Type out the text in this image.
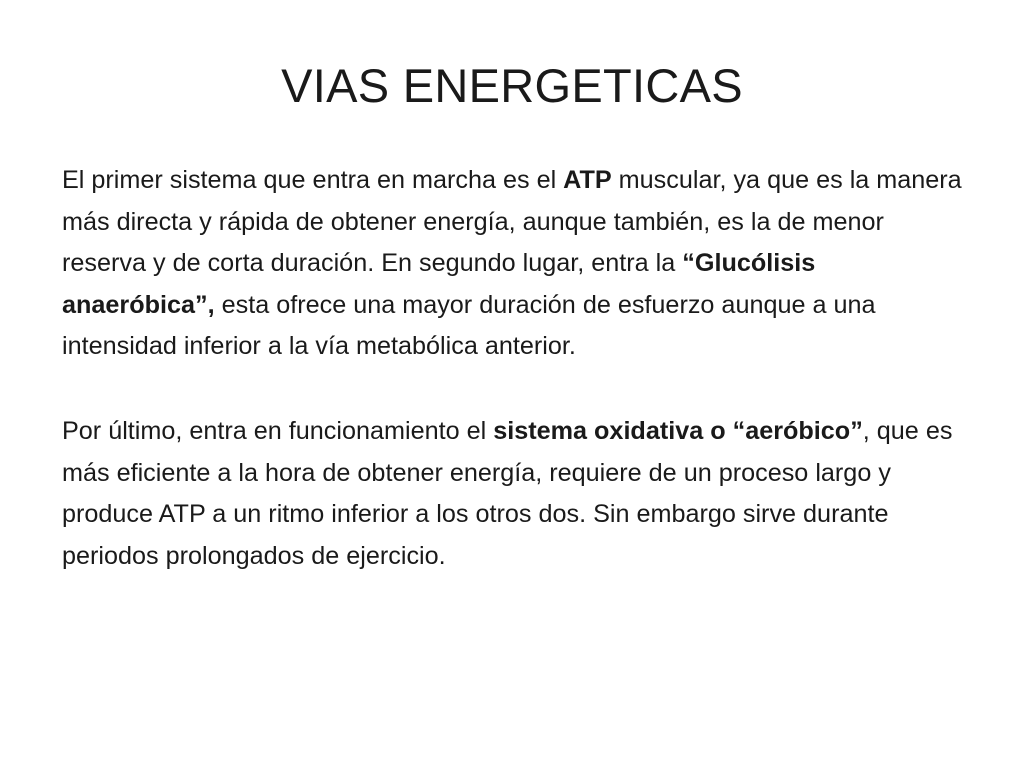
VIAS ENERGETICAS

El primer sistema que entra en marcha es el ATP muscular, ya que es la manera más directa y rápida de obtener energía, aunque también, es la de menor reserva y de corta duración. En segundo lugar, entra la “Glucólisis anaeróbica”, esta ofrece una mayor duración de esfuerzo aunque a una intensidad inferior a la vía metabólica anterior.

Por último, entra en funcionamiento el sistema oxidativa o “aeróbico”, que es más eficiente a la hora de obtener energía, requiere de un proceso largo y produce ATP a un ritmo inferior a los otros dos. Sin embargo sirve durante periodos prolongados de ejercicio.
